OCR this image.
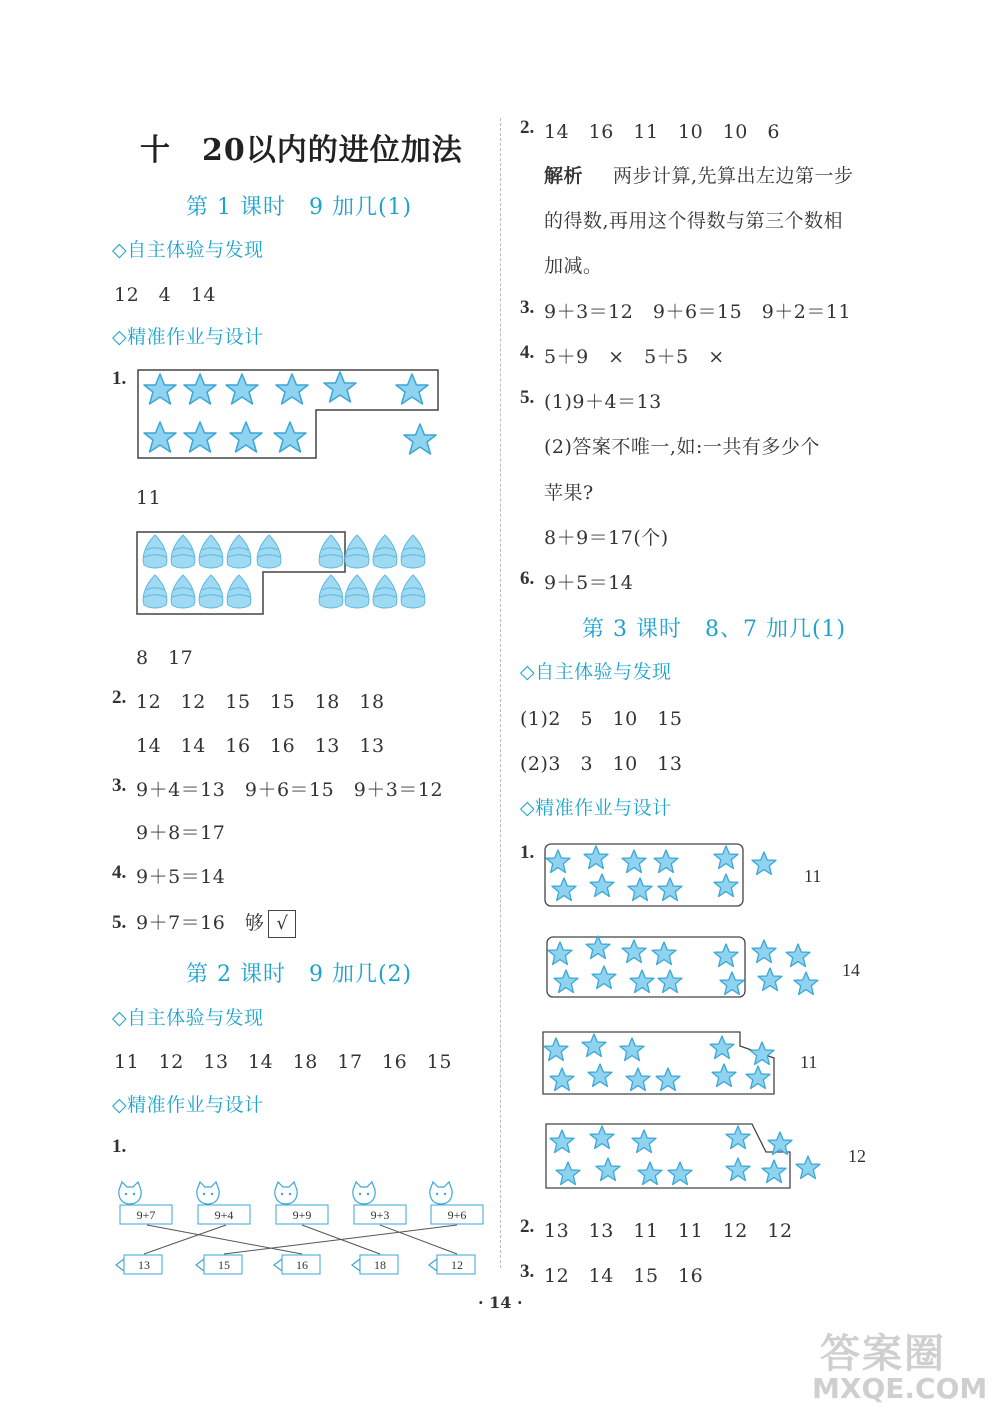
十　20以内的进位加法
第 1 课时　9 加几(1)
◇自主体验与发现
12　4　14
◇精准作业与设计
1.
11
8　17
2. 12　12　15　15　18　18
14　14　16　16　13　13
3. 9＋4＝13　9＋6＝15　9＋3＝12
9＋8＝17
4. 9＋5＝14
5. 9＋7＝16　够 √
第 2 课时　9 加几(2)
◇自主体验与发现
11　12　13　14　18　17　16　15
◇精准作业与设计
1.
9+7	9+4	9+9	9+3	9+6
13	15	16	18	12
2. 14　16　11　10　10　6
解析 两步计算,先算出左边第一步
的得数,再用这个得数与第三个数相
加减。
3. 9＋3＝12　9＋6＝15　9＋2＝11
4. 5＋9　×　5＋5　×
5. (1)9＋4＝13
(2)答案不唯一,如:一共有多少个
苹果?
8＋9＝17(个)
6. 9＋5＝14
第 3 课时　8、7 加几(1)
◇自主体验与发现
(1)2　5　10　15
(2)3　3　10　13
◇精准作业与设计
1.
11
14
11
12
2. 13　13　11　11　12　12
3. 12　14　15　16
· 14 ·
答案圈
MXQE.COM
